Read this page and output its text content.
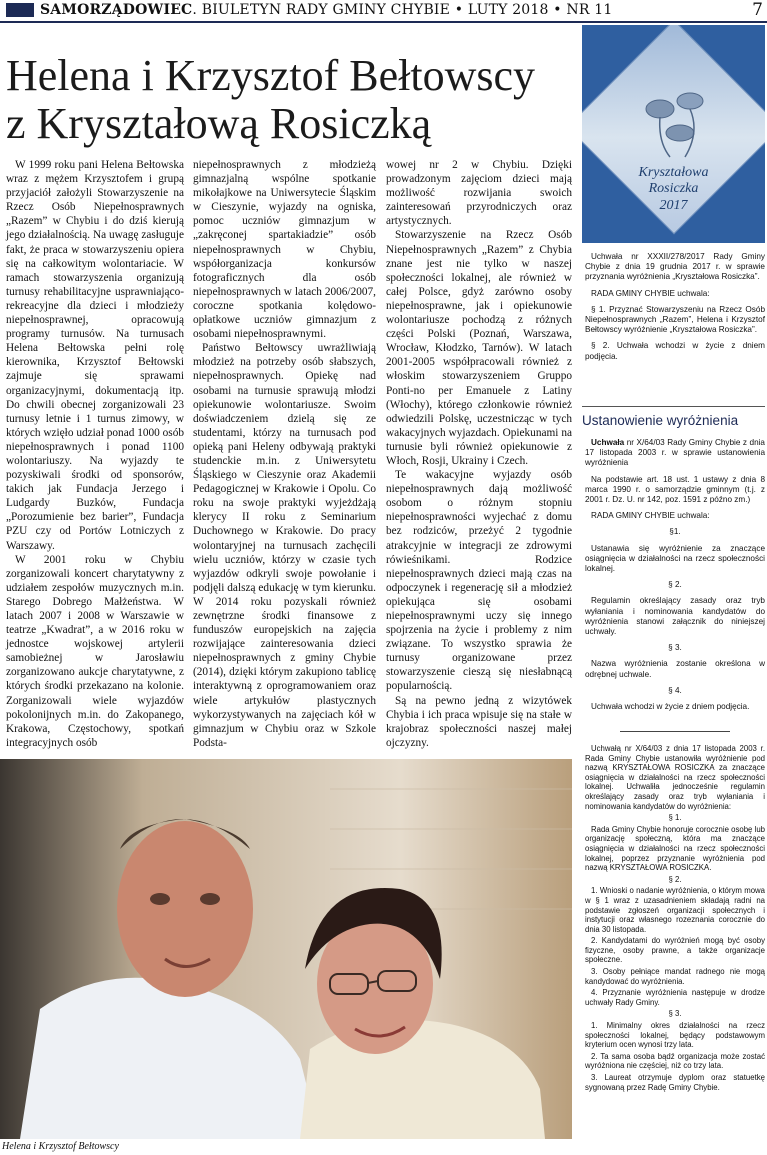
SAMORZĄDOWIEC. BIULETYN RADY GMINY CHYBIE • LUTY 2018 • NR 11	7
Helena i Krzysztof Bełtowscy
z Kryształową Rosiczką

W 1999 roku pani Helena Bełtowska wraz z mężem Krzysztofem i grupą przyjaciół założyli Stowarzyszenie na Rzecz Osób Niepełnosprawnych „Razem” w Chybiu i do dziś kierują jego działalnością. Na uwagę zasługuje fakt, że praca w stowarzyszeniu opiera się na całkowitym wolontariacie. W ramach stowarzyszenia organizują turnusy rehabilitacyjne usprawniająco-rekreacyjne dla dzieci i młodzieży niepełnosprawnej, opracowują programy turnusów. Na turnusach Helena Bełtowska pełni rolę kierownika, Krzysztof Bełtowski zajmuje się sprawami organizacyjnymi, dokumentacją itp. Do chwili obecnej zorganizowali 23 turnusy letnie i 1 turnus zimowy, w których wzięło udział ponad 1000 osób niepełnosprawnych i ponad 1100 wolontariuszy. Na wyjazdy te pozyskiwali środki od sponsorów, takich jak Fundacja Jerzego i Ludgardy Buzków, Fundacja „Porozumienie bez barier”, Fundacja PZU czy od Portów Lotniczych z Warszawy.

W 2001 roku w Chybiu zorganizowali koncert charytatywny z udziałem zespołów muzycznych m.in. Starego Dobrego Małżeństwa. W latach 2007 i 2008 w Warszawie w teatrze „Kwadrat”, a w 2016 roku w jednostce wojskowej artylerii samobieżnej w Jarosławiu zorganizowano aukcje charytatywne, z których środki przekazano na kolonie. Zorganizowali wiele wyjazdów pokolonijnych m.in. do Zakopanego, Krakowa, Częstochowy, spotkań integracyjnych osób

niepełnosprawnych z młodzieżą gimnazjalną wspólne spotkanie mikołajkowe na Uniwersytecie Śląskim w Cieszynie, wyjazdy na ogniska, pomoc uczniów gimnazjum w „zakręconej spartakiadzie” osób niepełnosprawnych w Chybiu, współorganizacja konkursów fotograficznych dla osób niepełnosprawnych w latach 2006/2007, coroczne spotkania kolędowo-opłatkowe uczniów gimnazjum z osobami niepełnosprawnymi.

Państwo Bełtowscy uwrażliwiają młodzież na potrzeby osób słabszych, niepełnosprawnych. Opiekę nad osobami na turnusie sprawują młodzi opiekunowie wolontariusze. Swoim doświadczeniem dzielą się ze studentami, którzy na turnusach pod opieką pani Heleny odbywają praktyki studenckie m.in. z Uniwersytetu Śląskiego w Cieszynie oraz Akademii Pedagogicznej w Krakowie i Opolu. Co roku na swoje praktyki wyjeżdżają klerycy II roku z Seminarium Duchownego w Krakowie. Do pracy wolontaryjnej na turnusach zachęcili wielu uczniów, którzy w czasie tych wyjazdów odkryli swoje powołanie i podjęli dalszą edukację w tym kierunku. W 2014 roku pozyskali również zewnętrzne środki finansowe z funduszów europejskich na zajęcia rozwijające zainteresowania dzieci niepełnosprawnych z gminy Chybie (2014), dzięki którym zakupiono tablicę interaktywną z oprogramowaniem oraz wiele artykułów plastycznych wykorzystywanych na zajęciach kół w gimnazjum w Chybiu oraz w Szkole Podsta-

wowej nr 2 w Chybiu. Dzięki prowadzonym zajęciom dzieci mają możliwość rozwijania swoich zainteresowań przyrodniczych oraz artystycznych.

Stowarzyszenie na Rzecz Osób Niepełnosprawnych „Razem” z Chybia znane jest nie tylko w naszej społeczności lokalnej, ale również w całej Polsce, gdyż zarówno osoby niepełnosprawne, jak i opiekunowie wolontariusze pochodzą z różnych części Polski (Poznań, Warszawa, Wrocław, Kłodzko, Tarnów). W latach 2001-2005 współpracowali również z włoskim stowarzyszeniem Gruppo Ponti-no per Emanuele z Latiny (Włochy), którego członkowie również odwiedzili Polskę, uczestnicząc w tych wakacyjnych wyjazdach. Opiekunami na turnusie byli również opiekunowie z Włoch, Rosji, Ukrainy i Czech.

Te wakacyjne wyjazdy osób niepełnosprawnych dają możliwość osobom o różnym stopniu niepełnosprawności wyjechać z domu bez rodziców, przeżyć 2 tygodnie atrakcyjnie w integracji ze zdrowymi rówieśnikami. Rodzice niepełnosprawnych dzieci mają czas na odpoczynek i regenerację sił a młodzież opiekująca się osobami niepełnosprawnymi uczy się innego spojrzenia na życie i problemy z nim związane. To wszystko sprawia że turnusy organizowane przez stowarzyszenie cieszą się niesłabnącą popularnością.

Są na pewno jedną z wizytówek Chybia i ich praca wpisuje się na stałe w krajobraz społeczności naszej małej ojczyzny.

Kryształowa
Rosiczka
2017

Uchwała nr XXXII/278/2017 Rady Gminy Chybie z dnia 19 grudnia 2017 r. w sprawie przyznania wyróżnienia „Kryształowa Rosiczka”.

RADA GMINY CHYBIE uchwala:

§ 1. Przyznać Stowarzyszeniu na Rzecz Osób Niepełnosprawnych „Razem”, Helena i Krzysztof Bełtowscy wyróżnienie „Kryształowa Rosiczka”.

§ 2. Uchwała wchodzi w życie z dniem podjęcia.

Ustanowienie wyróżnienia

Uchwała nr X/64/03 Rady Gminy Chybie z dnia 17 listopada 2003 r. w sprawie ustanowienia wyróżnienia

Na podstawie art. 18 ust. 1 ustawy z dnia 8 marca 1990 r. o samorządzie gminnym (t.j. z 2001 r. Dz. U. nr 142, poz. 1591 z późno zm.)

RADA GMINY CHYBIE uchwala:

§1.

Ustanawia się wyróżnienie za znaczące osiągnięcia w działalności na rzecz społeczności lokalnej.

§ 2.

Regulamin określający zasady oraz tryb wyłaniania i nominowania kandydatów do wyróżnienia stanowi załącznik do niniejszej uchwały.

§ 3.

Nazwa wyróżnienia zostanie określona w odrębnej uchwale.

§ 4.

Uchwała wchodzi w życie z dniem podjęcia.

Uchwałą nr X/64/03 z dnia 17 listopada 2003 r. Rada Gminy Chybie ustanowiła wyróżnienie pod nazwą KRYSZTAŁOWA ROSICZKA za znaczące osiągnięcia w działalności na rzecz społeczności lokalnej. Uchwaliła jednocześnie regulamin określający zasady oraz tryb wyłaniania i nominowania kandydatów do wyróżnienia:

§ 1.

Rada Gminy Chybie honoruje corocznie osobę lub organizację społeczną, która ma znaczące osiągnięcia w działalności na rzecz społeczności lokalnej, poprzez przyznanie wyróżnienia pod nazwą KRYSZTAŁOWA ROSICZKA.

§ 2.

1. Wnioski o nadanie wyróżnienia, o którym mowa w § 1 wraz z uzasadnieniem składają radni na podstawie zgłoszeń organizacji społecznych i instytucji oraz własnego rozeznania corocznie do dnia 30 listopada.

2. Kandydatami do wyróżnień mogą być osoby fizyczne, osoby prawne, a także organizacje społeczne.

3. Osoby pełniące mandat radnego nie mogą kandydować do wyróżnienia.

4. Przyznanie wyróżnienia następuje w drodze uchwały Rady Gminy.

§ 3.

1. Minimalny okres działalności na rzecz społeczności lokalnej, będący podstawowym kryterium ocen wynosi trzy lata.

2. Ta sama osoba bądź organizacja może zostać wyróżniona nie częściej, niż co trzy lata.

3. Laureat otrzymuje dyplom oraz statuetkę sygnowaną przez Radę Gminy Chybie.

Helena i Krzysztof Bełtowscy
